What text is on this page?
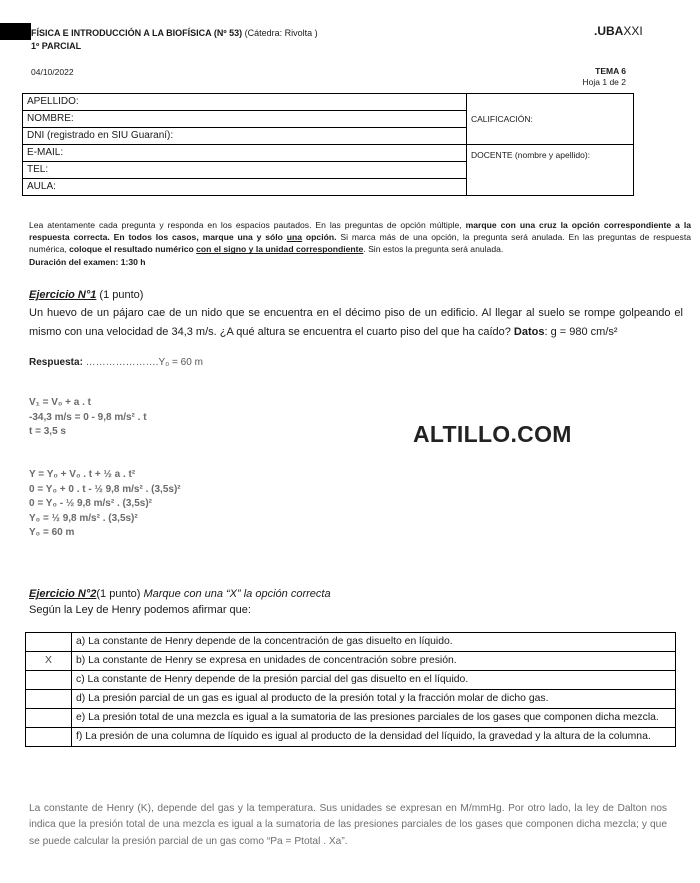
FÍSICA E INTRODUCCIÓN A LA BIOFÍSICA (Nº 53) (Cátedra: Rivolta )
1º PARCIAL
.UBAXXI
04/10/2022	TEMA 6
Hoja 1 de 2
APELLIDO:	CALIFICACIÓN:
NOMBRE:	
DNI (registrado en SIU Guaraní):	
E-MAIL:	DOCENTE (nombre y apellido):
TEL:	
AULA:	
Lea atentamente cada pregunta y responda en los espacios pautados. En las preguntas de opción múltiple, marque con una cruz la opción correspondiente a la respuesta correcta. En todos los casos, marque una y sólo una opción. Si marca más de una opción, la pregunta será anulada. En las preguntas de respuesta numérica, coloque el resultado numérico con el signo y la unidad correspondiente. Sin estos la pregunta será anulada.
Duración del examen: 1:30 h
Ejercicio N°1 (1 punto)
Un huevo de un pájaro cae de un nido que se encuentra en el décimo piso de un edificio. Al llegar al suelo se rompe golpeando el mismo con una velocidad de 34,3 m/s. ¿A qué altura se encuentra el cuarto piso del que ha caído? Datos: g = 980 cm/s²
Respuesta: ………………….Y₀ = 60 m
V₁ = V₀ + a . t
-34,3 m/s = 0 - 9,8 m/s² . t
t = 3,5 s
Y = Y₀ + V₀ . t + ½ a . t²
0 = Y₀ + 0 . t - ½ 9,8 m/s² . (3,5s)²
0 = Y₀ - ½ 9,8 m/s² . (3,5s)²
Y₀ = ½ 9,8 m/s² . (3,5s)²
Y₀ = 60 m
ALTILLO.COM
Ejercicio N°2(1 punto) Marque con una “X” la opción correcta
Según la Ley de Henry podemos afirmar que:
	a) La constante de Henry depende de la concentración de gas disuelto en líquido.
X	b) La constante de Henry se expresa en unidades de concentración sobre presión.
	c) La constante de Henry depende de la presión parcial del gas disuelto en el líquido.
	d) La presión parcial de un gas es igual al producto de la presión total y la fracción molar de dicho gas.
	e) La presión total de una mezcla es igual a la sumatoria de las presiones parciales de los gases que componen dicha mezcla.
	f) La presión de una columna de líquido es igual al producto de la densidad del líquido, la gravedad y la altura de la columna.
La constante de Henry (K), depende del gas y la temperatura. Sus unidades se expresan en M/mmHg. Por otro lado, la ley de Dalton nos indica que la presión total de una mezcla es igual a la sumatoria de las presiones parciales de los gases que componen dicha mezcla; y que se puede calcular la presión parcial de un gas como “Pa = Ptotal . Xa”.
